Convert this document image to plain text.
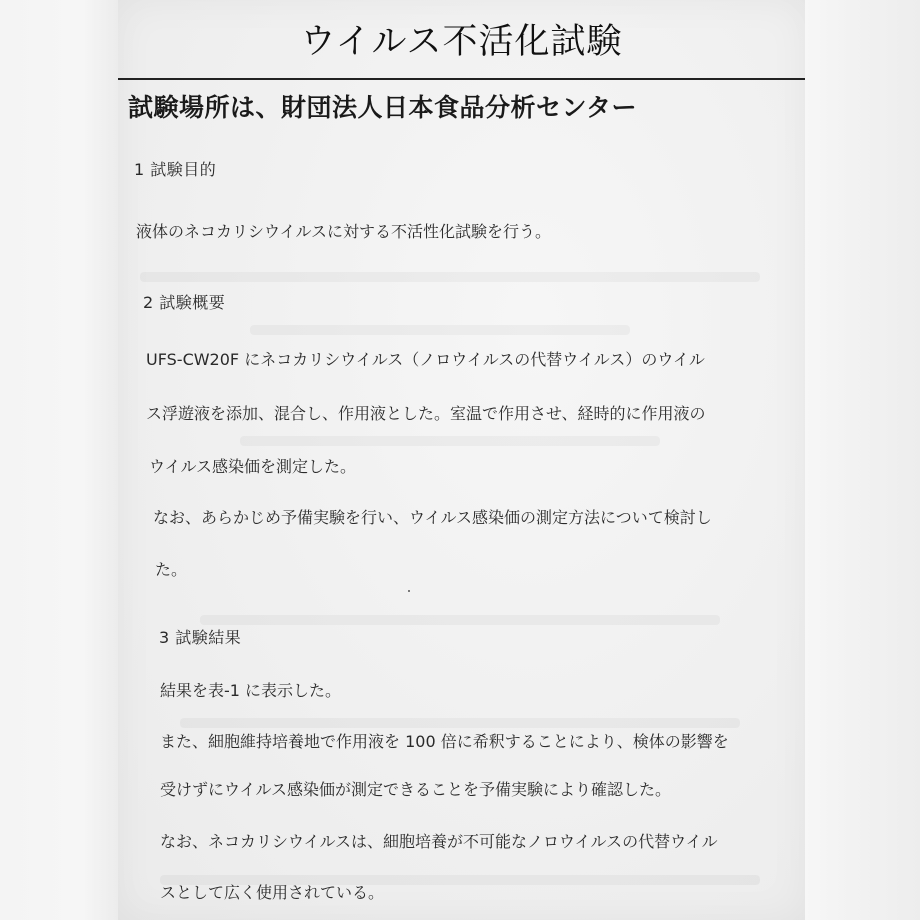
ウイルス不活化試験
試験場所は、財団法人日本食品分析センター
1 試験目的
液体のネコカリシウイルスに対する不活性化試験を行う。
2 試験概要
UFS-CW20F にネコカリシウイルス（ノロウイルスの代替ウイルス）のウイル
ス浮遊液を添加、混合し、作用液とした。室温で作用させ、経時的に作用液の
ウイルス感染価を測定した。
なお、あらかじめ予備実験を行い、ウイルス感染価の測定方法について検討し
た。
3 試験結果
結果を表-1 に表示した。
また、細胞維持培養地で作用液を 100 倍に希釈することにより、検体の影響を
受けずにウイルス感染価が測定できることを予備実験により確認した。
なお、ネコカリシウイルスは、細胞培養が不可能なノロウイルスの代替ウイル
スとして広く使用されている。
